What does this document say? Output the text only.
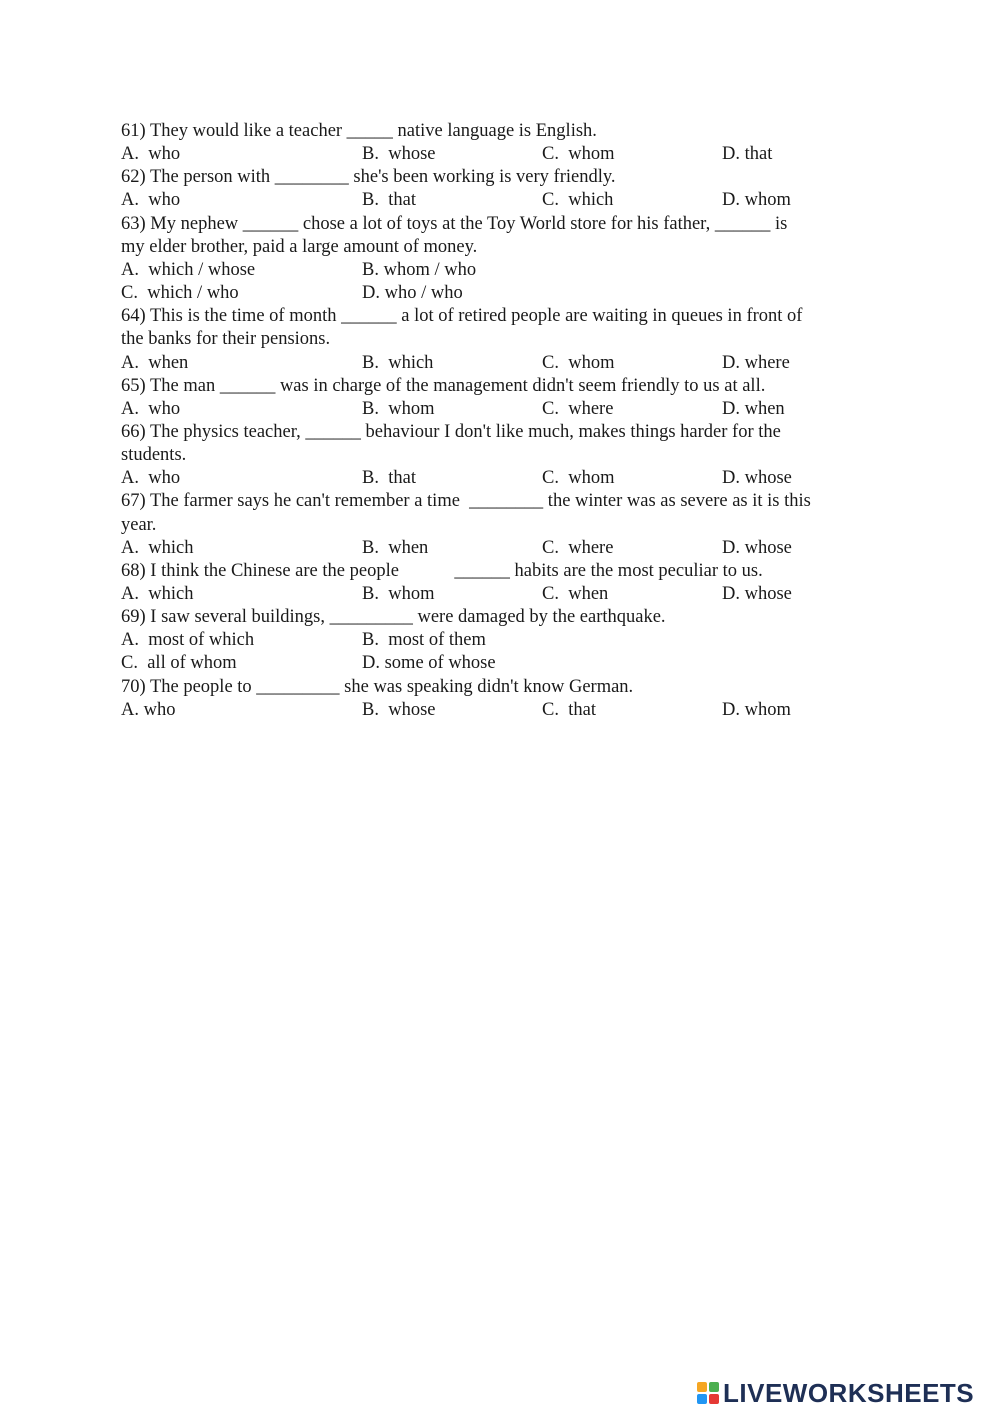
61) They would like a teacher _____ native language is English.
A.  who	B.  whose	C.  whom	D. that
62) The person with ________ she's been working is very friendly.
A.  who	B.  that	C.  which	D. whom
63) My nephew ______ chose a lot of toys at the Toy World store for his father, ______ is
my elder brother, paid a large amount of money.
A.  which / whose	B. whom / who
C.  which / who	D. who / who
64) This is the time of month ______ a lot of retired people are waiting in queues in front of
the banks for their pensions.
A.  when	B.  which	C.  whom	D. where
65) The man ______ was in charge of the management didn't seem friendly to us at all.
A.  who	B.  whom	C.  where	D. when
66) The physics teacher, ______ behaviour I don't like much, makes things harder for the
students.
A.  who	B.  that	C.  whom	D. whose
67) The farmer says he can't remember a time  ________ the winter was as severe as it is this
year.
A.  which	B.  when	C.  where	D. whose
68) I think the Chinese are the people            ______ habits are the most peculiar to us.
A.  which	B.  whom	C.  when	D. whose
69) I saw several buildings, _________ were damaged by the earthquake.
A.  most of which	B.  most of them
C.  all of whom	D. some of whose
70) The people to _________ she was speaking didn't know German.
A. who	B.  whose	C.  that	D. whom
LIVEWORKSHEETS
